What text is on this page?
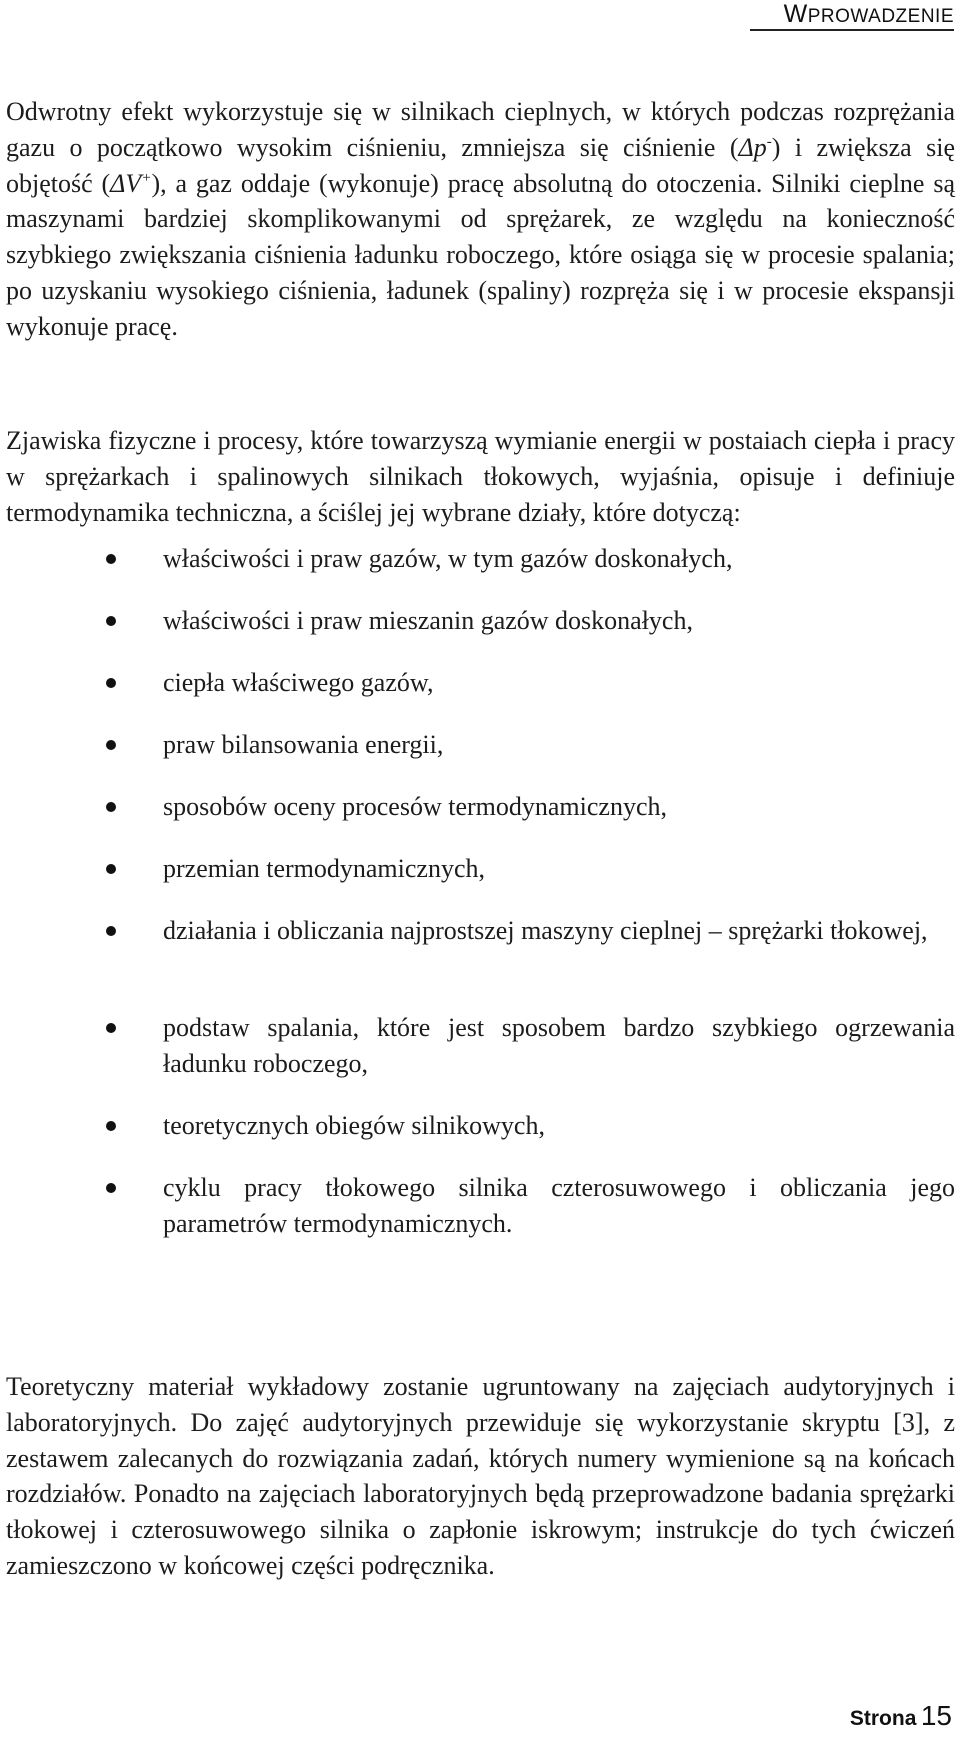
WPROWADZENIE

Odwrotny efekt wykorzystuje się w silnikach cieplnych, w których podczas rozprężania gazu o początkowo wysokim ciśnieniu, zmniejsza się ciśnienie (Δp-) i zwiększa się objętość (ΔV+), a gaz oddaje (wykonuje) pracę absolutną do otoczenia. Silniki cieplne są maszynami bardziej skomplikowanymi od sprężarek, ze względu na konieczność szybkiego zwiększania ciśnienia ładunku roboczego, które osiąga się w procesie spalania; po uzyskaniu wysokiego ciśnienia, ładunek (spaliny) rozpręża się i w procesie ekspansji wykonuje pracę.

Zjawiska fizyczne i procesy, które towarzyszą wymianie energii w postaiach ciepła i pracy w sprężarkach i spalinowych silnikach tłokowych, wyjaśnia, opisuje i definiuje termodynamika techniczna, a ściślej jej wybrane działy, które dotyczą:

właściwości i praw gazów, w tym gazów doskonałych,

właściwości i praw mieszanin gazów doskonałych,

ciepła właściwego gazów,

praw bilansowania energii,

sposobów oceny procesów termodynamicznych,

przemian termodynamicznych,

działania i obliczania najprostszej maszyny cieplnej – sprężarki tłokowej,

podstaw spalania, które jest sposobem bardzo szybkiego ogrzewania ładunku roboczego,

teoretycznych obiegów silnikowych,

cyklu pracy tłokowego silnika czterosuwowego i obliczania jego parametrów termodynamicznych.

Teoretyczny materiał wykładowy zostanie ugruntowany na zajęciach audytoryjnych i laboratoryjnych. Do zajęć audytoryjnych przewiduje się wykorzystanie skryptu [3], z zestawem zalecanych do rozwiązania zadań, których numery wymienione są na końcach rozdziałów. Ponadto na zajęciach laboratoryjnych będą przeprowadzone badania sprężarki tłokowej i czterosuwowego silnika o zapłonie iskrowym; instrukcje do tych ćwiczeń zamieszczono w końcowej części podręcznika.

Strona 15
